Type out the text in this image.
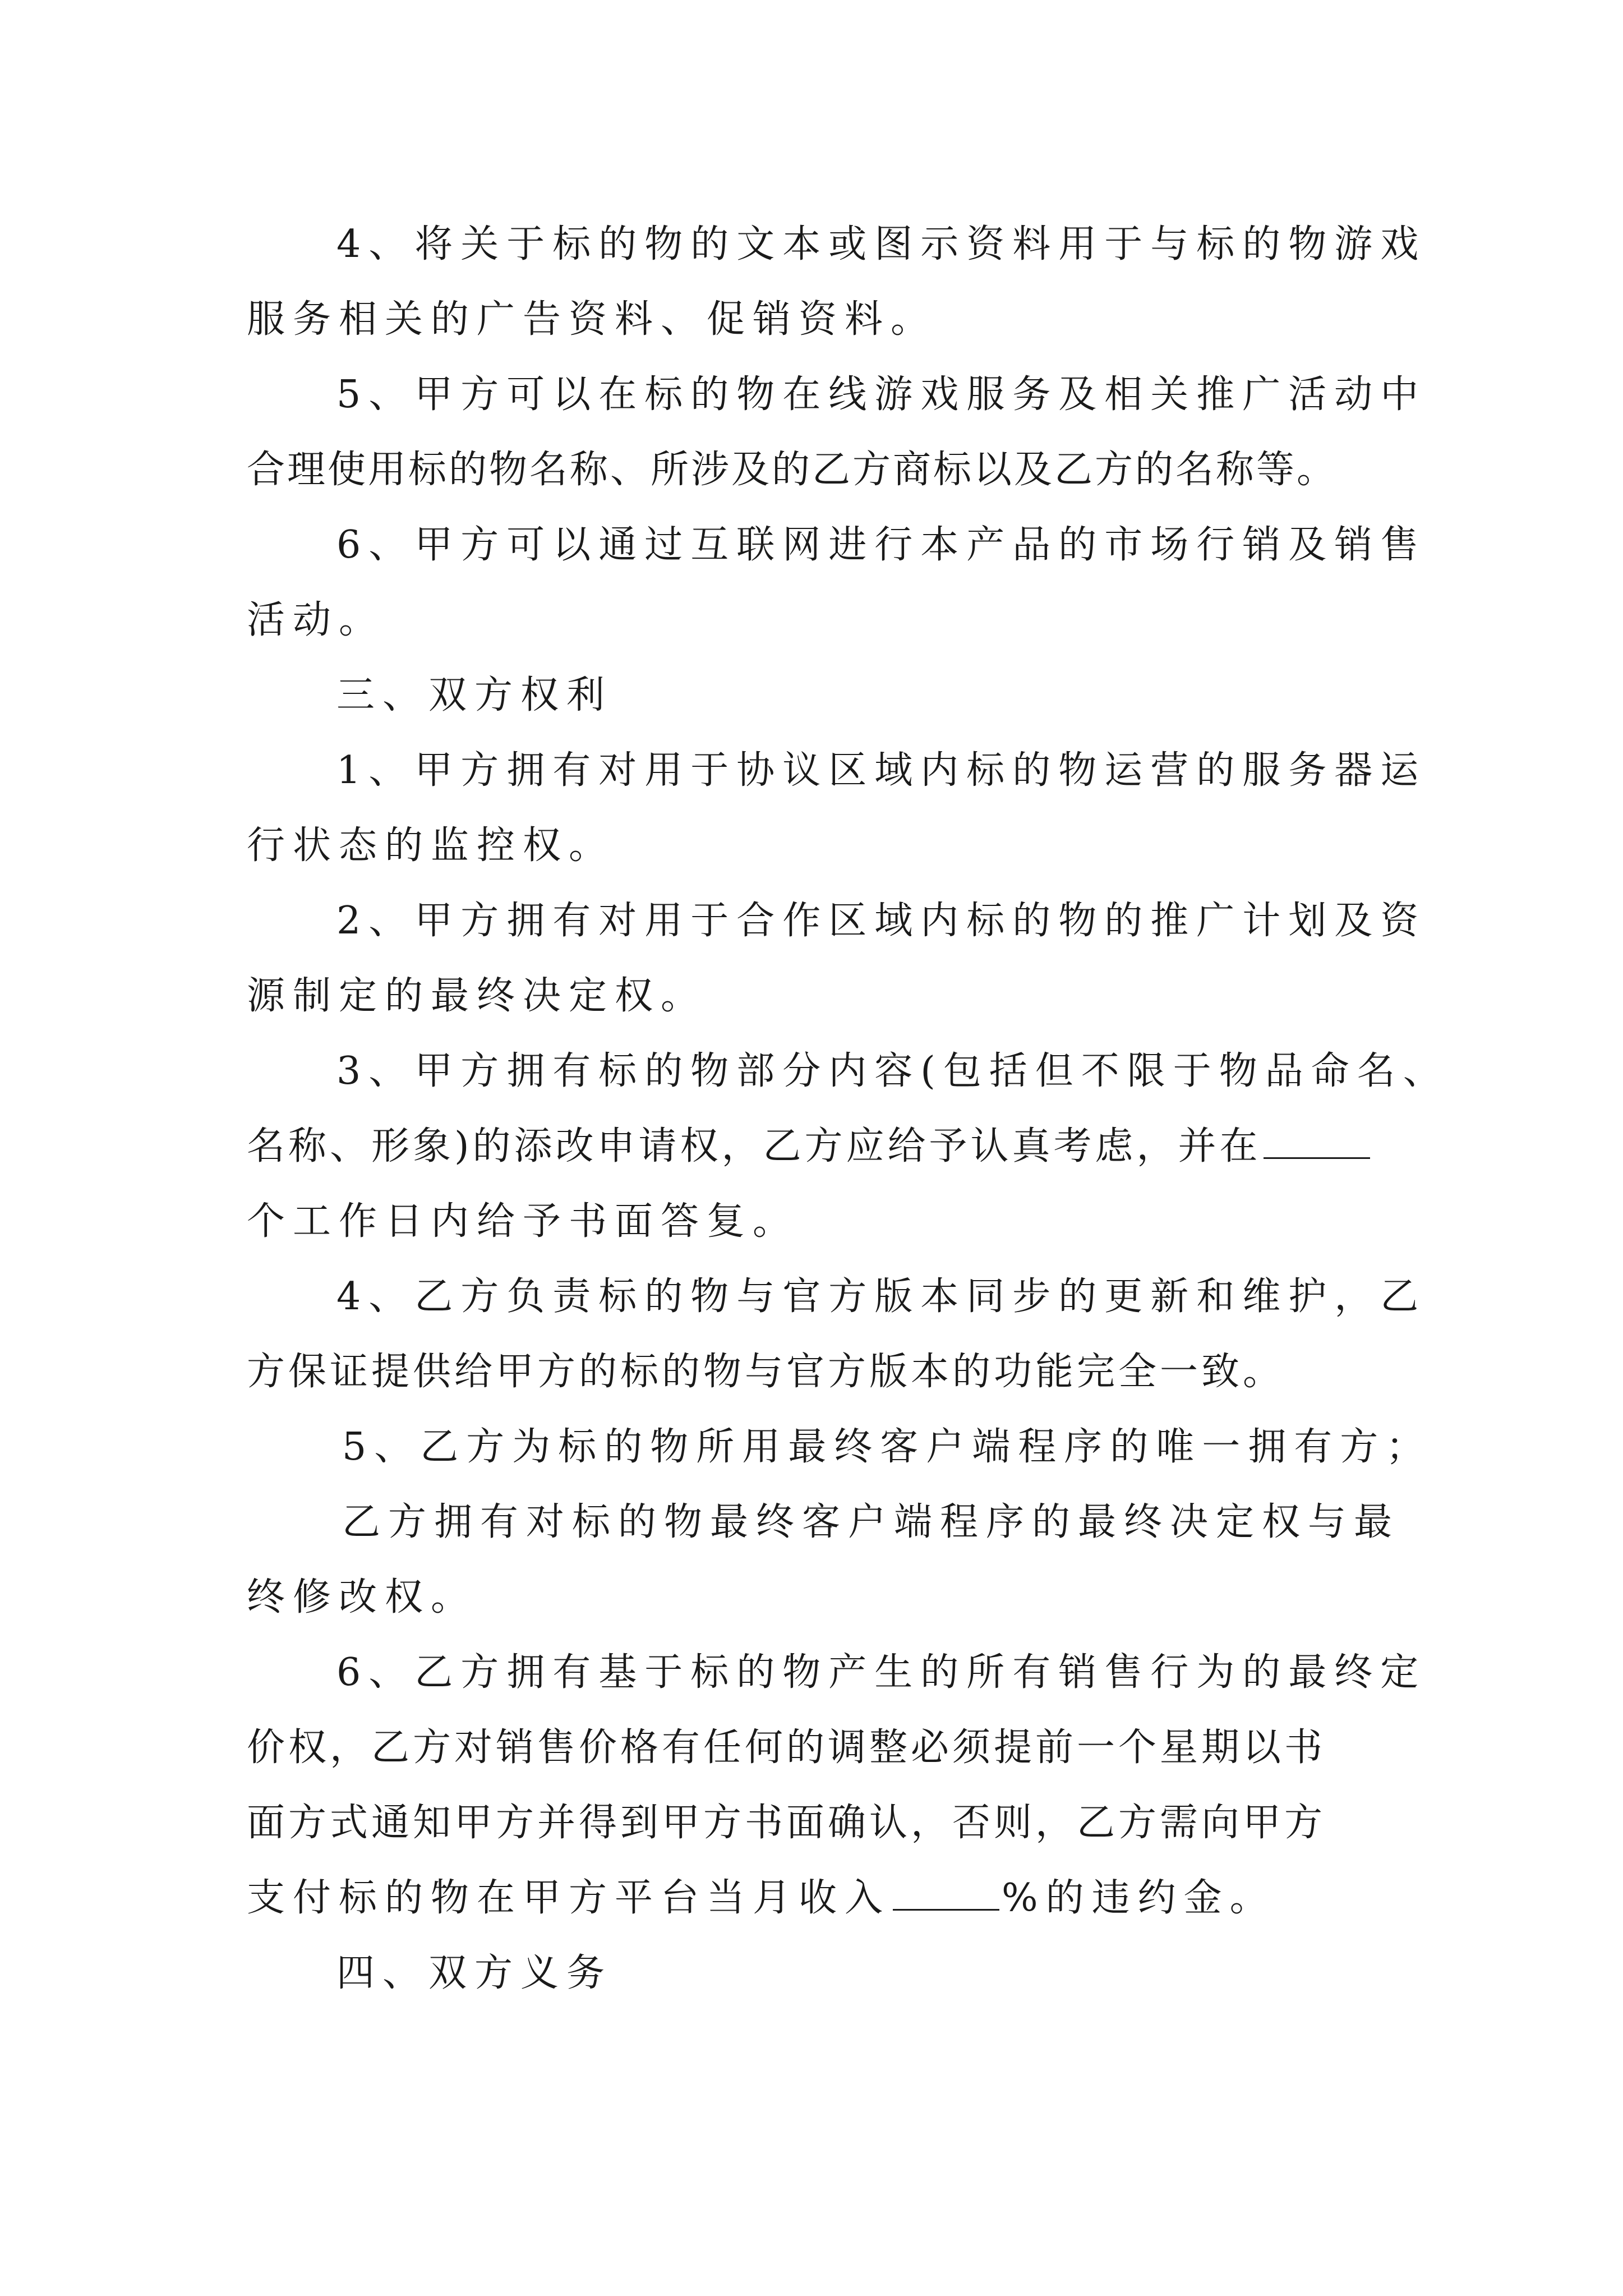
4、将关于标的物的文本或图示资料用于与标的物游戏
服务相关的广告资料、促销资料。
5、甲方可以在标的物在线游戏服务及相关推广活动中
合理使用标的物名称、所涉及的乙方商标以及乙方的名称等。
6、甲方可以通过互联网进行本产品的市场行销及销售
活动。
三、双方权利
1、甲方拥有对用于协议区域内标的物运营的服务器运
行状态的监控权。
2、甲方拥有对用于合作区域内标的物的推广计划及资
源制定的最终决定权。
3、甲方拥有标的物部分内容(包括但不限于物品命名、
名称、形象)的添改申请权，乙方应给予认真考虑，并在
个工作日内给予书面答复。
4、乙方负责标的物与官方版本同步的更新和维护，乙
方保证提供给甲方的标的物与官方版本的功能完全一致。
5、乙方为标的物所用最终客户端程序的唯一拥有方；
乙方拥有对标的物最终客户端程序的最终决定权与最
终修改权。
6、乙方拥有基于标的物产生的所有销售行为的最终定
价权，乙方对销售价格有任何的调整必须提前一个星期以书
面方式通知甲方并得到甲方书面确认，否则，乙方需向甲方
支付标的物在甲方平台当月收入	%的违约金。
四、双方义务
